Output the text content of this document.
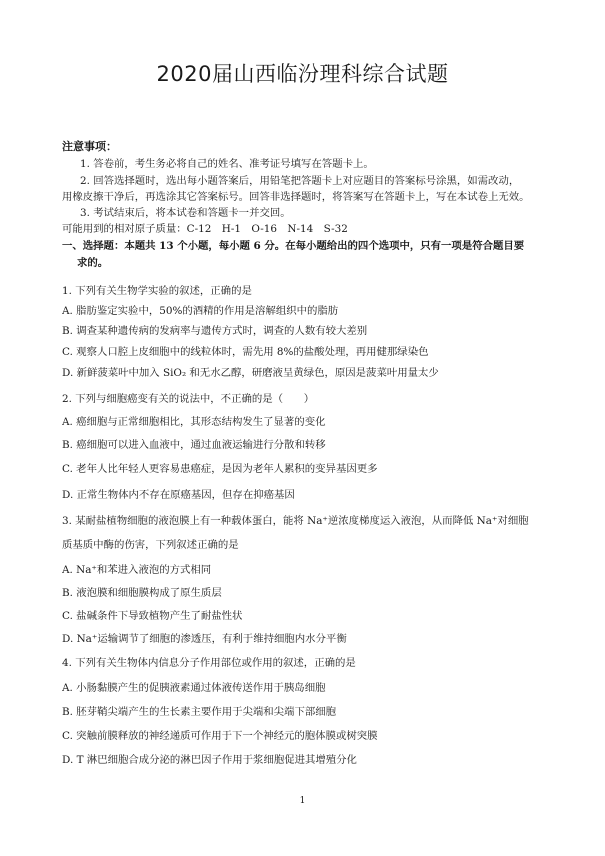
2020届山西临汾理科综合试题
注意事项：
1. 答卷前，考生务必将自己的姓名、准考证号填写在答题卡上。
2. 回答选择题时，选出每小题答案后，用铅笔把答题卡上对应题目的答案标号涂黑，如需改动，
用橡皮擦干净后，再选涂其它答案标号。回答非选择题时，将答案写在答题卡上，写在本试卷上无效。
3. 考试结束后，将本试卷和答题卡一并交回。
可能用到的相对原子质量：C-12　H-1　O-16　N-14　S-32
一、选择题：本题共 13 个小题，每小题 6 分。在每小题给出的四个选项中，只有一项是符合题目要
求的。
1. 下列有关生物学实验的叙述，正确的是
A. 脂肪鉴定实验中，50%的酒精的作用是溶解组织中的脂肪
B. 调查某种遗传病的发病率与遗传方式时，调查的人数有较大差别
C. 观察人口腔上皮细胞中的线粒体时，需先用 8%的盐酸处理，再用健那绿染色
D. 新鲜菠菜叶中加入 SiO₂ 和无水乙醇，研磨液呈黄绿色，原因是菠菜叶用量太少
2. 下列与细胞癌变有关的说法中，不正确的是（　　）
A. 癌细胞与正常细胞相比，其形态结构发生了显著的变化
B. 癌细胞可以进入血液中，通过血液运输进行分散和转移
C. 老年人比年轻人更容易患癌症，是因为老年人累积的变异基因更多
D. 正常生物体内不存在原癌基因，但存在抑癌基因
3. 某耐盐植物细胞的液泡膜上有一种载体蛋白，能将 Na⁺逆浓度梯度运入液泡，从而降低 Na⁺对细胞
质基质中酶的伤害，下列叙述正确的是
A. Na⁺和苯进入液泡的方式相同
B. 液泡膜和细胞膜构成了原生质层
C. 盐碱条件下导致植物产生了耐盐性状
D. Na⁺运输调节了细胞的渗透压，有利于维持细胞内水分平衡
4. 下列有关生物体内信息分子作用部位或作用的叙述，正确的是
A. 小肠黏膜产生的促胰液素通过体液传送作用于胰岛细胞
B. 胚芽鞘尖端产生的生长素主要作用于尖端和尖端下部细胞
C. 突触前膜释放的神经递质可作用于下一个神经元的胞体膜或树突膜
D. T 淋巴细胞合成分泌的淋巴因子作用于浆细胞促进其增殖分化
1
